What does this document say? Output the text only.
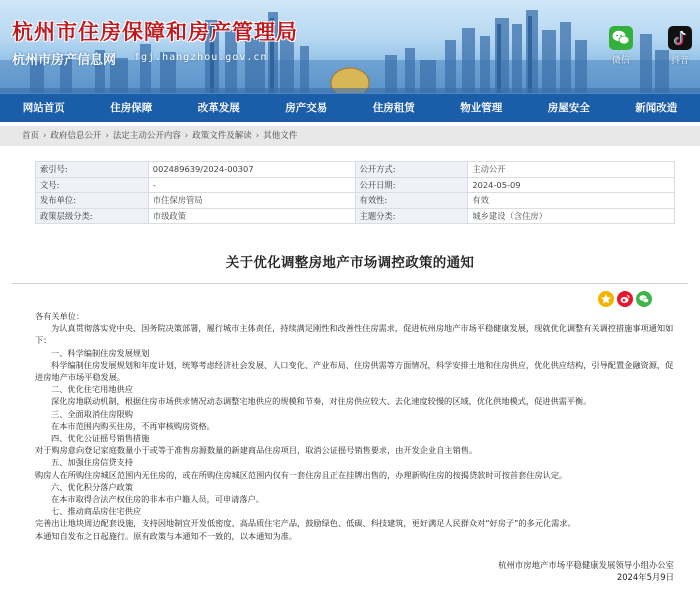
杭州市住房保障和房产管理局
杭州市房产信息网 fgj.hangzhou.gov.cn	微信	抖音
网站首页	住房保障	改革发展	房产交易	住房租赁	物业管理	房屋安全	新闻改造
首页 › 政府信息公开 › 法定主动公开内容 › 政策文件及解读 › 其他文件
索引号:	002489639/2024-00307	公开方式:	主动公开
文号:	-	公开日期:	2024-05-09
发布单位:	市住保房管局	有效性:	有效
政策层级分类:	市级政策	主题分类:	城乡建设（含住房）
关于优化调整房地产市场调控政策的通知

各有关单位：

为认真贯彻落实党中央、国务院决策部署，履行城市主体责任，持续满足刚性和改善性住房需求，促进杭州房地产市场平稳健康发展，现就优化调整有关调控措施事项通知如下：

一、科学编制住房发展规划

科学编制住房发展规划和年度计划，统筹考虑经济社会发展、人口变化、产业布局、住房供需等方面情况，科学安排土地和住房供应，优化供应结构，引导配置金融资源，促进房地产市场平稳发展。

二、优化住宅用地供应

深化房地联动机制，根据住房市场供求情况动态调整宅地供应的规模和节奏，对住房供应较大、去化速度较慢的区域，优化供地模式，促进供需平衡。

三、全面取消住房限购

在本市范围内购买住房，不再审核购房资格。

四、优化公证摇号销售措施

对于购房意向登记家庭数量小于或等于准售房源数量的新建商品住房项目，取消公证摇号销售要求，由开发企业自主销售。

五、加强住房信贷支持

购房人在所购住房城区范围内无住房的，或在所购住房城区范围内仅有一套住房且正在挂牌出售的，办理新购住房的按揭贷款时可按首套住房认定。

六、优化积分落户政策

在本市取得合法产权住房的非本市户籍人员，可申请落户。

七、推动商品房住宅供应

完善出让地块周边配套设施，支持因地制宜开发低密度、高品质住宅产品，鼓励绿色、低碳、科技建筑，更好满足人民群众对“好房子”的多元化需求。

本通知自发布之日起施行。原有政策与本通知不一致的，以本通知为准。

杭州市房地产市场平稳健康发展领导小组办公室
2024年5月9日
